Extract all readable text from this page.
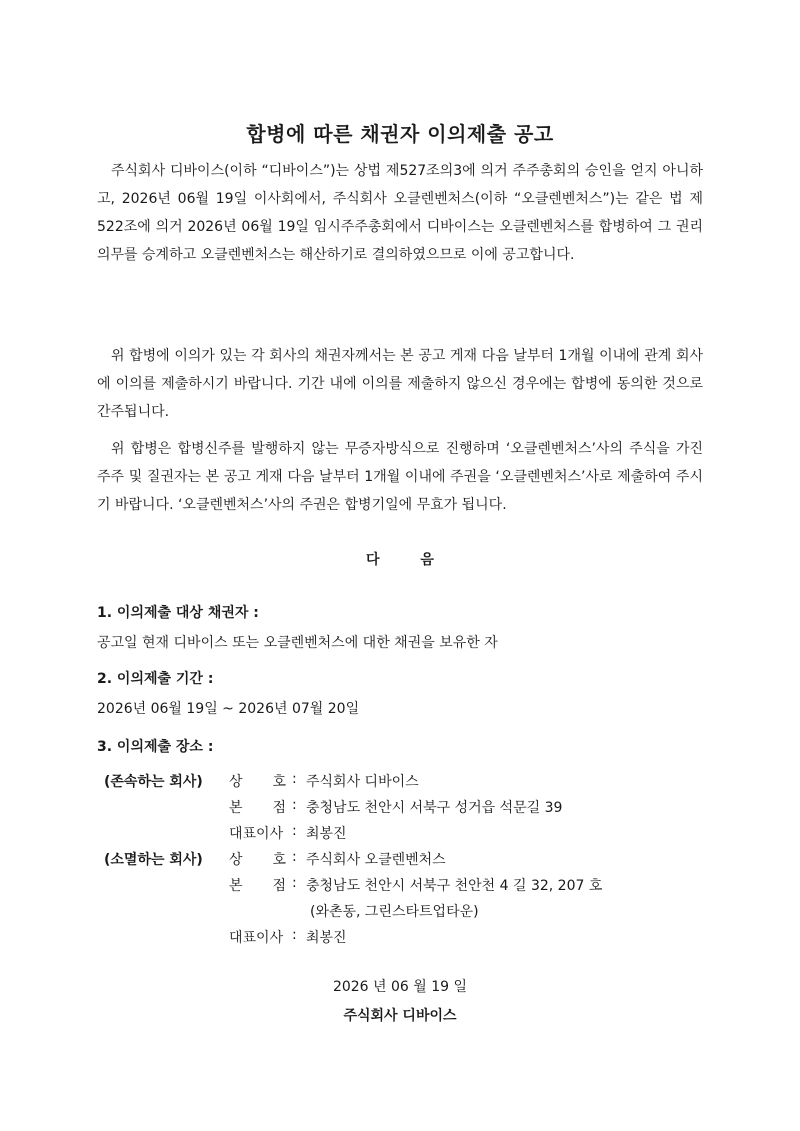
합병에 따른 채권자 이의제출 공고

주식회사 디바이스(이하 “디바이스”)는 상법 제527조의3에 의거 주주총회의 승인을 얻지 아니하고, 2026년 06월 19일 이사회에서, 주식회사 오클렌벤처스(이하 “오클렌벤처스”)는 같은 법 제522조에 의거 2026년 06월 19일 임시주주총회에서 디바이스는 오클렌벤처스를 합병하여 그 권리의무를 승계하고 오클렌벤처스는 해산하기로 결의하였으므로 이에 공고합니다.

위 합병에 이의가 있는 각 회사의 채권자께서는 본 공고 게재 다음 날부터 1개월 이내에 관계 회사에 이의를 제출하시기 바랍니다. 기간 내에 이의를 제출하지 않으신 경우에는 합병에 동의한 것으로 간주됩니다.

위 합병은 합병신주를 발행하지 않는 무증자방식으로 진행하며 ‘오클렌벤처스’사의 주식을 가진 주주 및 질권자는 본 공고 게재 다음 날부터 1개월 이내에 주권을 ‘오클렌벤처스’사로 제출하여 주시기 바랍니다. ‘오클렌벤처스’사의 주권은 합병기일에 무효가 됩니다.

다 음
1. 이의제출 대상 채권자 :
공고일 현재 디바이스 또는 오클렌벤처스에 대한 채권을 보유한 자
2. 이의제출 기간 :
2026년 06월 19일 ~ 2026년 07월 20일
3. 이의제출 장소 :
(존속하는 회사) 상 호 : 주식회사 디바이스
본 점 : 충청남도 천안시 서북구 성거읍 석문길 39
대표이사 : 최봉진
(소멸하는 회사) 상 호 : 주식회사 오클렌벤처스
본 점 : 충청남도 천안시 서북구 천안천 4 길 32, 207 호
(와촌동, 그린스타트업타운)
대표이사 : 최봉진
2026 년 06 월 19 일
주식회사 디바이스
